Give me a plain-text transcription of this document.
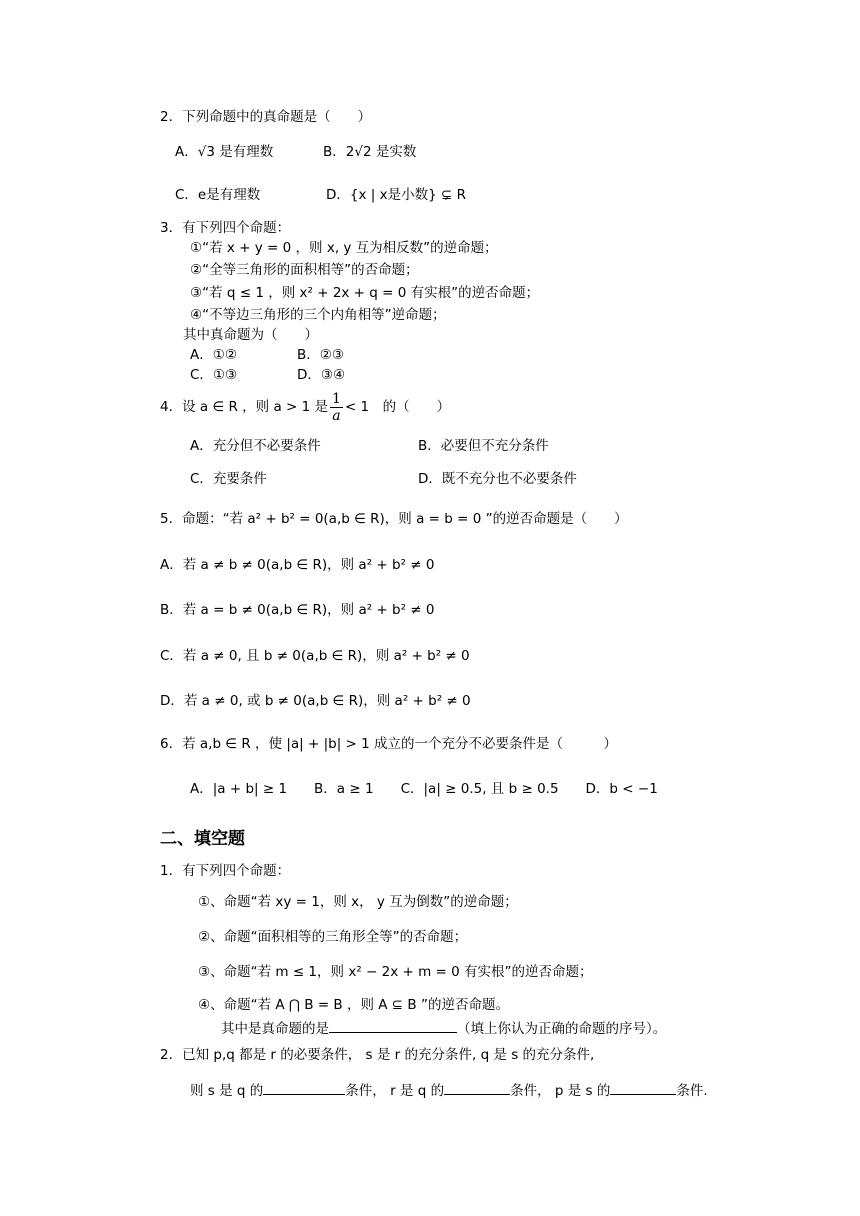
2．下列命题中的真命题是（　　）
A．√3 是有理数	B．2√2 是实数
C．e是有理数	D．{x | x是小数} ⊊ R
3．有下列四个命题：
①“若 x + y = 0 ，则 x, y 互为相反数”的逆命题；
②“全等三角形的面积相等”的否命题；
③“若 q ≤ 1 ，则 x² + 2x + q = 0 有实根”的逆否命题；
④“不等边三角形的三个内角相等”逆命题；
其中真命题为（　　）
A．①②	B．②③
C．①③	D．③④
4．设 a ∈ R ，则 a > 1 是 $\frac{1}{a} < 1$　的（　　）
A．充分但不必要条件	B．必要但不充分条件
C．充要条件	D．既不充分也不必要条件
5．命题：“若 a² + b² = 0(a,b ∈ R)，则 a = b = 0 ”的逆否命题是（　　）
A．若 a ≠ b ≠ 0(a,b ∈ R)，则 a² + b² ≠ 0
B．若 a = b ≠ 0(a,b ∈ R)，则 a² + b² ≠ 0
C．若 a ≠ 0, 且 b ≠ 0(a,b ∈ R)，则 a² + b² ≠ 0
D．若 a ≠ 0, 或 b ≠ 0(a,b ∈ R)，则 a² + b² ≠ 0
6．若 a,b ∈ R ，使 |a| + |b| > 1 成立的一个充分不必要条件是（　　　）
A．|a + b| ≥ 1　　B．a ≥ 1　　C．|a| ≥ 0.5, 且 b ≥ 0.5　　D．b < −1
二、填空题
1．有下列四个命题：
①、命题“若 xy = 1，则 x， y 互为倒数”的逆命题；
②、命题“面积相等的三角形全等”的否命题；
③、命题“若 m ≤ 1，则 x² − 2x + m = 0 有实根”的逆否命题；
④、命题“若 A ⋂ B = B ，则 A ⊆ B ”的逆否命题。
其中是真命题的是	（填上你认为正确的命题的序号）。
2．已知 p,q 都是 r 的必要条件， s 是 r 的充分条件, q 是 s 的充分条件,
则 s 是 q 的	条件， r 是 q 的	条件， p 是 s 的	条件.
